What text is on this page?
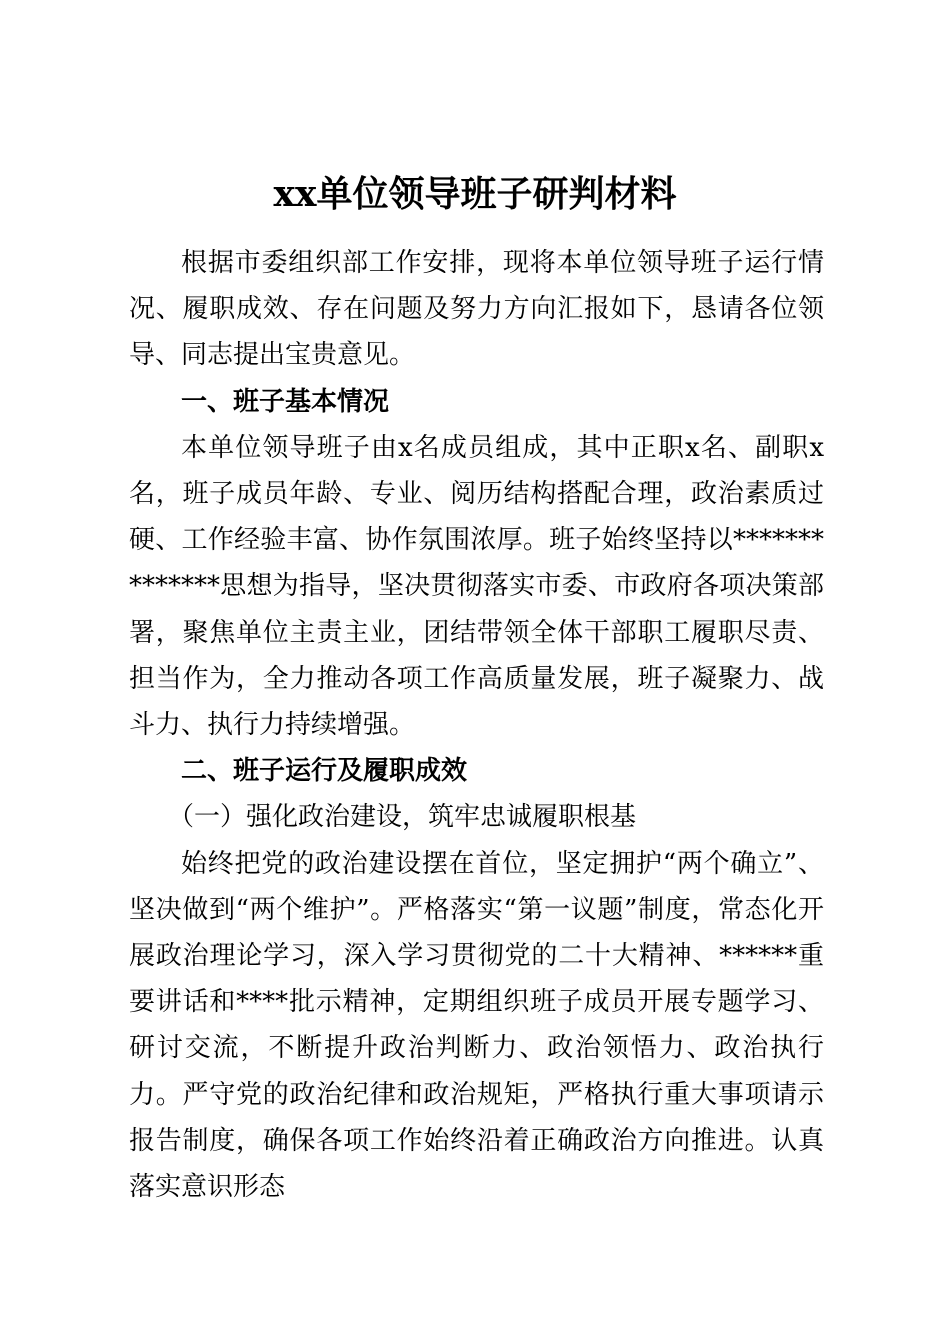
xx单位领导班子研判材料

根据市委组织部工作安排，现将本单位领导班子运行情况、履职成效、存在问题及努力方向汇报如下，恳请各位领导、同志提出宝贵意见。

一、班子基本情况

本单位领导班子由x名成员组成，其中正职x名、副职x名，班子成员年龄、专业、阅历结构搭配合理，政治素质过硬、工作经验丰富、协作氛围浓厚。班子始终坚持以**************思想为指导，坚决贯彻落实市委、市政府各项决策部署，聚焦单位主责主业，团结带领全体干部职工履职尽责、担当作为，全力推动各项工作高质量发展，班子凝聚力、战斗力、执行力持续增强。

二、班子运行及履职成效
（一）强化政治建设，筑牢忠诚履职根基

始终把党的政治建设摆在首位，坚定拥护“两个确立”、坚决做到“两个维护”。严格落实“第一议题”制度，常态化开展政治理论学习，深入学习贯彻党的二十大精神、******重要讲话和****批示精神，定期组织班子成员开展专题学习、研讨交流，不断提升政治判断力、政治领悟力、政治执行力。严守党的政治纪律和政治规矩，严格执行重大事项请示报告制度，确保各项工作始终沿着正确政治方向推进。认真落实意识形态
